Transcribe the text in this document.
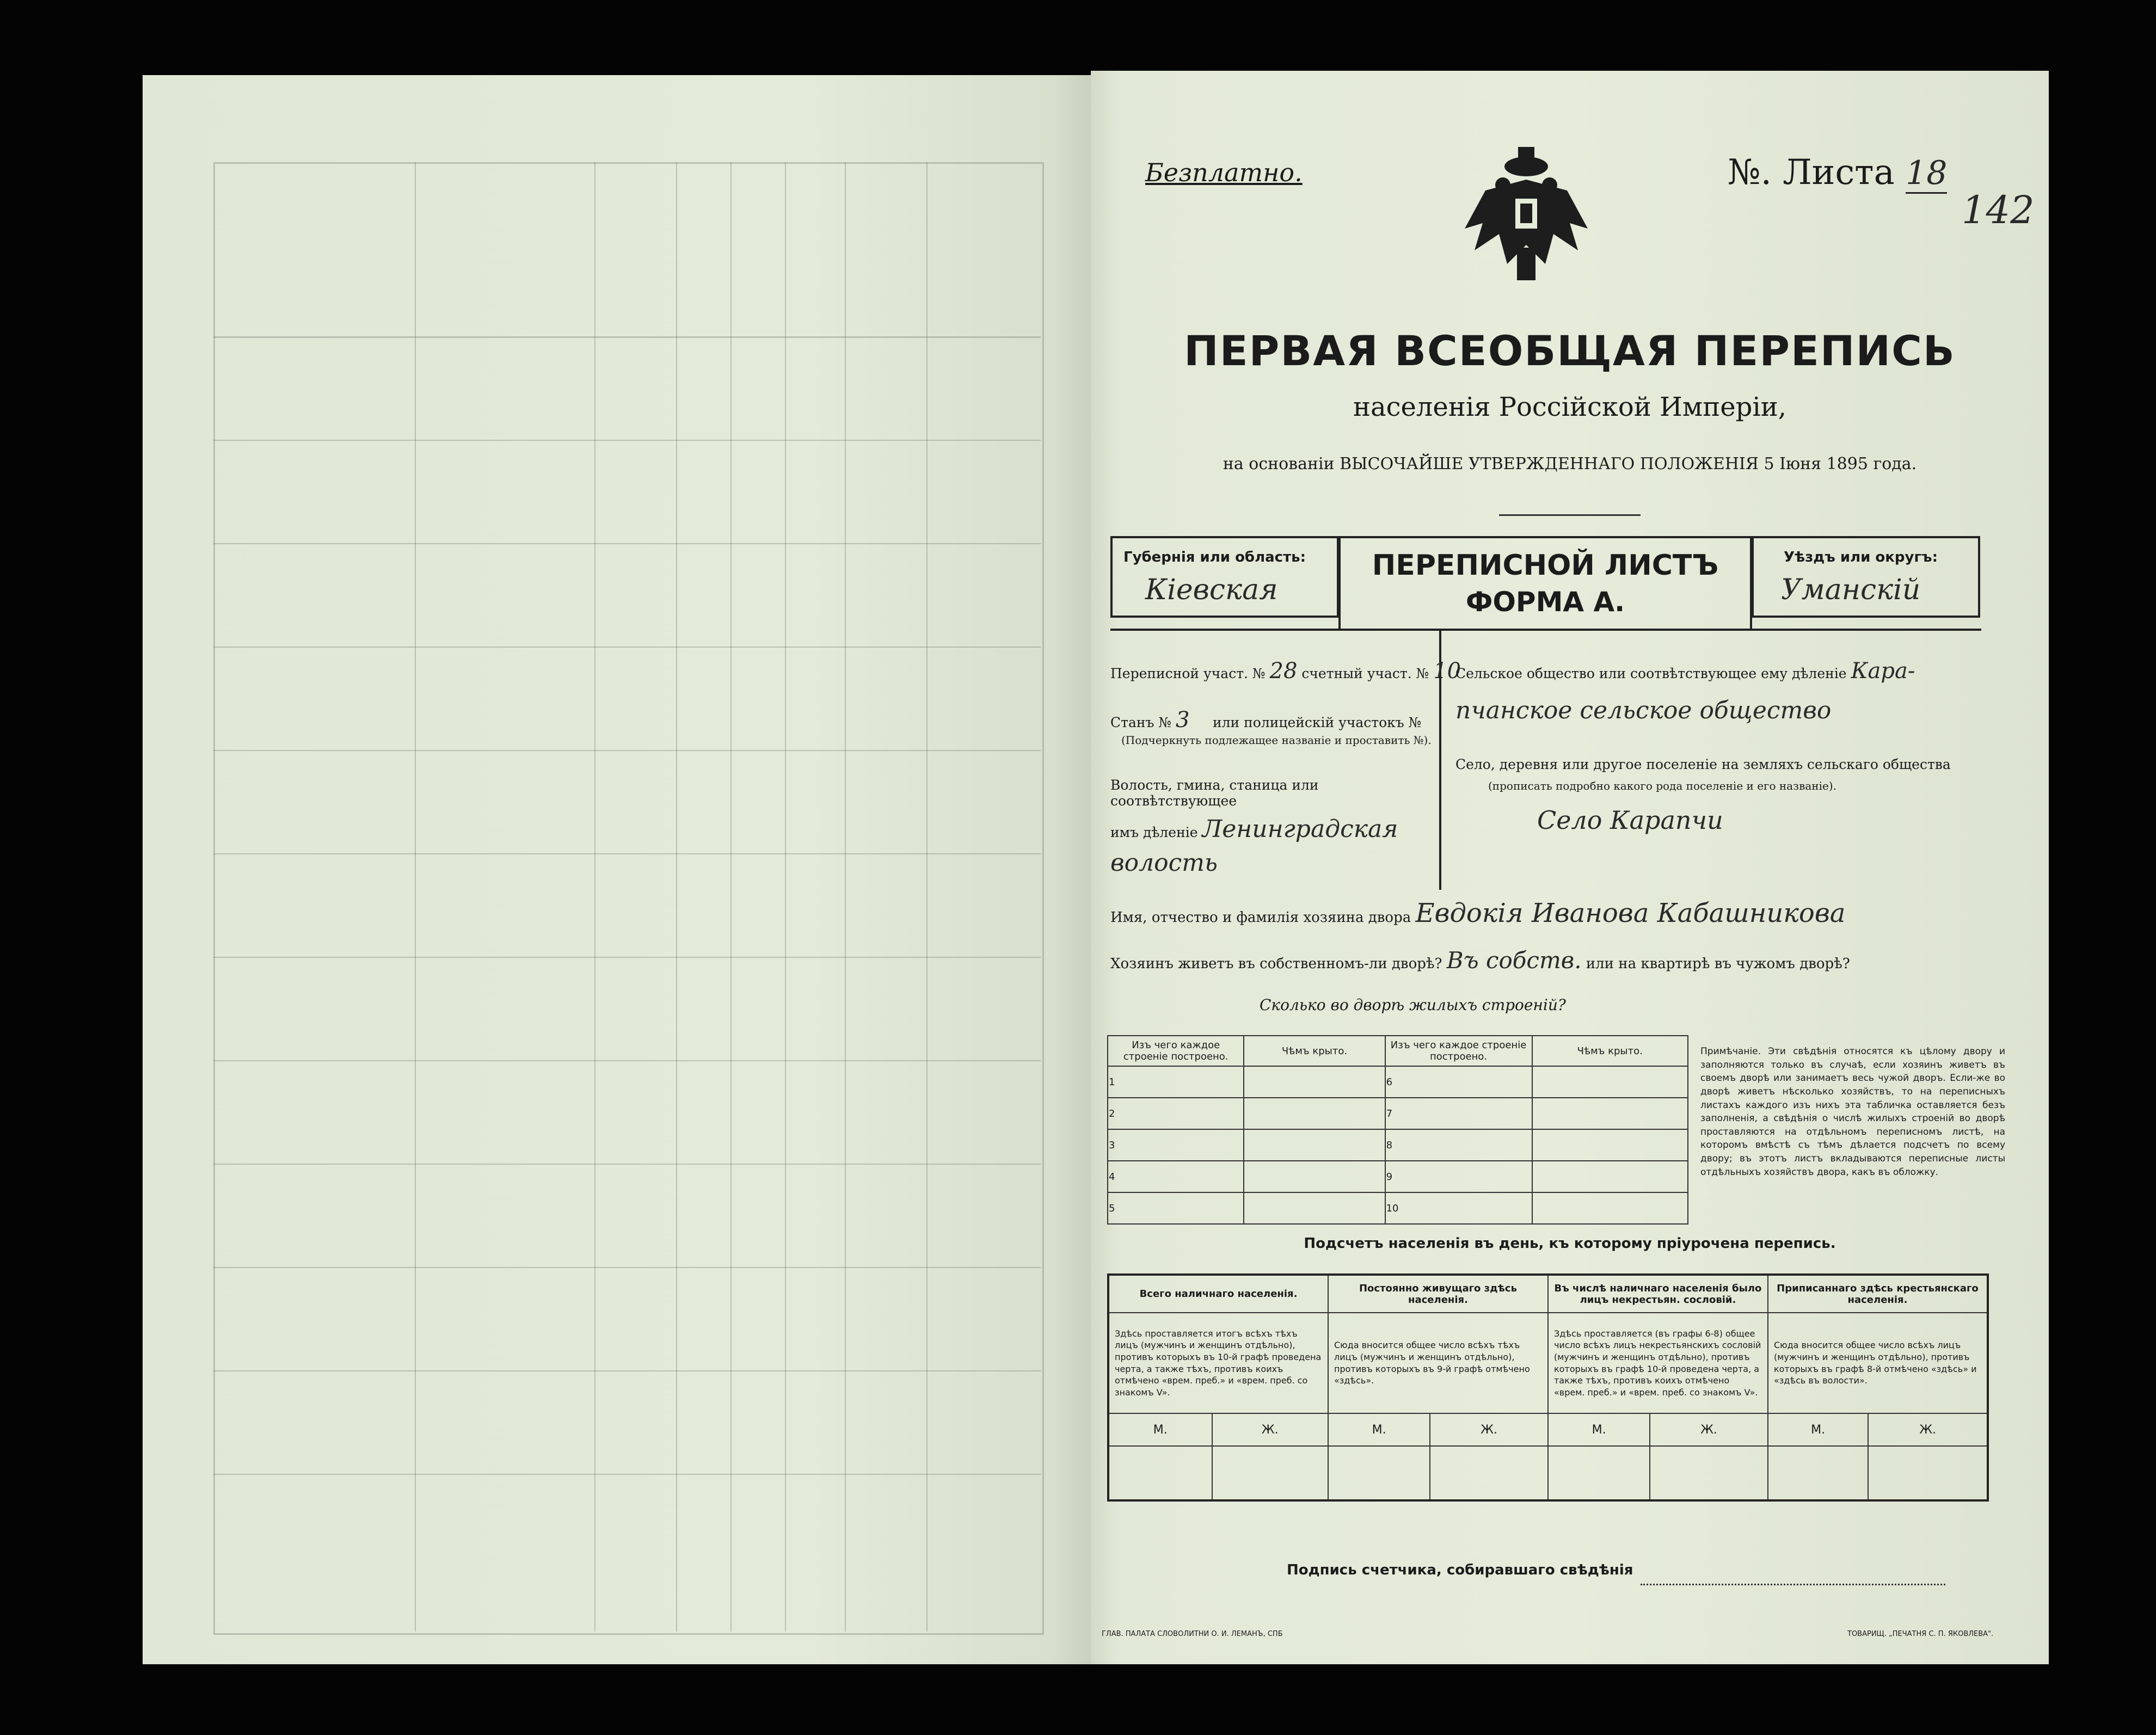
Безплатно.	№. Листа 18
142
ПЕРВАЯ ВСЕОБЩАЯ ПЕРЕПИСЬ
населенія Россійской Имперіи,
на основаніи ВЫСОЧАЙШЕ УТВЕРЖДЕННАГО ПОЛОЖЕНІЯ 5 Іюня 1895 года.
Губернія или область:
Кіевская
ПЕРЕПИСНОЙ ЛИСТЪ
ФОРМА А.
Уѣздъ или округъ:
Уманскій
Переписной участ. № 28 счетный участ. № 10
Станъ № 3 или полицейскій участокъ №
(Подчеркнуть подлежащее названіе и проставить №).
Волость, гмина, станица или соотвѣтствующее
имъ дѣленіе Ленинградская
волость
Сельское общество или соотвѣтствующее ему дѣленіе Кара-
пчанское сельское общество
Село, деревня или другое поселеніе на земляхъ сельскаго общества
(прописать подробно какого рода поселеніе и его названіе).
Село Карапчи
Имя, отчество и фамилія хозяина двора Евдокія Иванова Кабашникова
Хозяинъ живетъ въ собственномъ-ли дворѣ? Въ собств. или на квартирѣ въ чужомъ дворѣ?
Сколько во дворѣ жилыхъ строеній?
Изъ чего каждое строеніе построено.	Чѣмъ крыто.	Изъ чего каждое строеніе построено.	Чѣмъ крыто.
1		6	
2		7	
3		8	
4		9	
5		10	
Примѣчаніе. Эти свѣдѣнія относятся къ цѣлому двору и заполняются только въ случаѣ, если хозяинъ живетъ въ своемъ дворѣ или занимаетъ весь чужой дворъ. Если-же во дворѣ живетъ нѣсколько хозяйствъ, то на переписныхъ листахъ каждого изъ нихъ эта табличка оставляется безъ заполненія, а свѣдѣнія о числѣ жилыхъ строеній во дворѣ проставляются на отдѣльномъ переписномъ листѣ, на которомъ вмѣстѣ съ тѣмъ дѣлается подсчетъ по всему двору; въ этотъ листъ вкладываются переписные листы отдѣльныхъ хозяйствъ двора, какъ въ обложку.
Подсчетъ населенія въ день, къ которому пріурочена перепись.
Всего наличнаго населенія.		Постоянно живущаго здѣсь населенія.		Въ числѣ наличнаго населенія было лицъ некрестьян. сословій.		Приписаннаго здѣсь крестьянскаго населенія.	
Здѣсь проставляется итогъ всѣхъ тѣхъ лицъ (мужчинъ и женщинъ отдѣльно), противъ которыхъ въ 10-й графѣ проведена черта, а также тѣхъ, противъ коихъ отмѣчено «врем. преб.» и «врем. преб. со знакомъ V».		Сюда вносится общее число всѣхъ тѣхъ лицъ (мужчинъ и женщинъ отдѣльно), противъ которыхъ въ 9-й графѣ отмѣчено «здѣсь».		Здѣсь проставляется (въ графы 6-8) общее число всѣхъ лицъ некрестьянскихъ сословій (мужчинъ и женщинъ отдѣльно), противъ которыхъ въ графѣ 10-й проведена черта, а также тѣхъ, противъ коихъ отмѣчено «врем. преб.» и «врем. преб. со знакомъ V».		Сюда вносится общее число всѣхъ лицъ (мужчинъ и женщинъ отдѣльно), противъ которыхъ въ графѣ 8-й отмѣчено «здѣсь» и «здѣсь въ волости».	
М.	Ж.	М.	Ж.	М.	Ж.	М.	Ж.

Подпись счетчика, собиравшаго свѣдѣнія
ГЛАВ. ПАЛАТА СЛОВОЛИТНИ О. И. ЛЕМАНЪ, СПБ	ТОВАРИЩ. „ПЕЧАТНЯ С. П. ЯКОВЛЕВА".
